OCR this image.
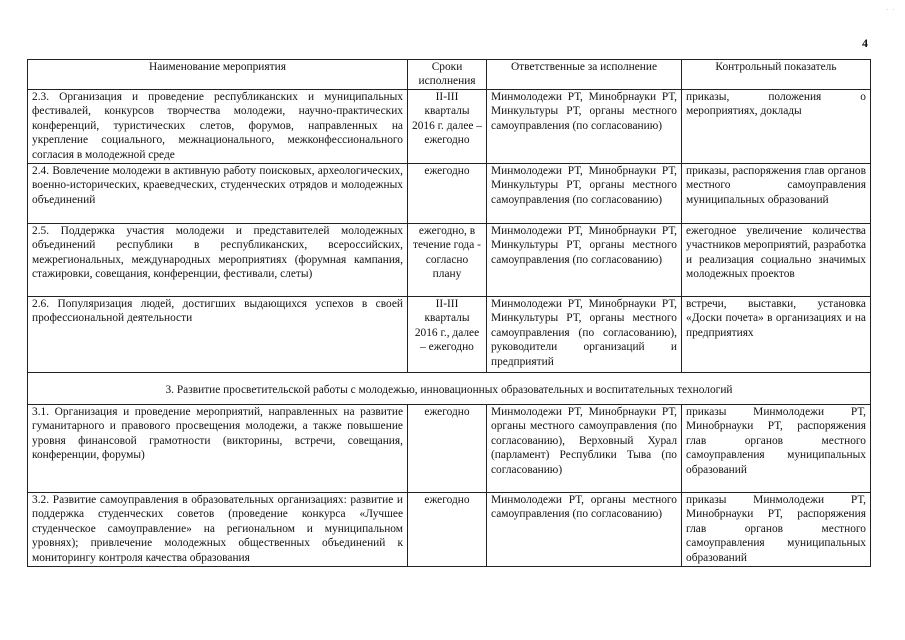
· ·
4
Наименование мероприятия	Сроки исполнения	Ответственные за исполнение	Контрольный показатель
2.3. Организация и проведение республиканских и муниципальных фестивалей, конкурсов творчества молодежи, научно-практических конференций, туристических слетов, форумов, направленных на укрепление социального, межнационального, межконфессионального согласия в молодежной среде	II-III кварталы 2016 г. далее – ежегодно	Минмолодежи РТ, Минобрнауки РТ, Минкультуры РТ, органы местного самоуправления (по согласованию)	приказы, положения о мероприятиях, доклады
2.4. Вовлечение молодежи в активную работу поисковых, археологических, военно-исторических, краеведческих, студенческих отрядов и молодежных объединений	ежегодно	Минмолодежи РТ, Минобрнауки РТ, Минкультуры РТ, органы местного самоуправления (по согласованию)	приказы, распоряжения глав органов местного самоуправления муниципальных образований
2.5. Поддержка участия молодежи и представителей молодежных объединений республики в республиканских, всероссийских, межрегиональных, международных мероприятиях (форумная кампания, стажировки, совещания, конференции, фестивали, слеты)	ежегодно, в течение года - согласно плану	Минмолодежи РТ, Минобрнауки РТ, Минкультуры РТ, органы местного самоуправления (по согласованию)	ежегодное увеличение количества участников мероприятий, разработка и реализация социально значимых молодежных проектов
2.6. Популяризация людей, достигших выдающихся успехов в своей профессиональной деятельности	II-III кварталы 2016 г., далее – ежегодно	Минмолодежи РТ, Минобрнауки РТ, Минкультуры РТ, органы местного самоуправления (по согласованию), руководители организаций и предприятий	встречи, выставки, установка «Доски почета» в организациях и на предприятиях
3. Развитие просветительской работы с молодежью, инновационных образовательных и воспитательных технологий			
3.1. Организация и проведение мероприятий, направленных на развитие гуманитарного и правового просвещения молодежи, а также повышение уровня финансовой грамотности (викторины, встречи, совещания, конференции, форумы)	ежегодно	Минмолодежи РТ, Минобрнауки РТ, органы местного самоуправления (по согласованию), Верховный Хурал (парламент) Республики Тыва (по согласованию)	приказы Минмолодежи РТ, Минобрнауки РТ, распоряжения глав органов местного самоуправления муниципальных образований
3.2. Развитие самоуправления в образовательных организациях: развитие и поддержка студенческих советов (проведение конкурса «Лучшее студенческое самоуправление» на региональном и муниципальном уровнях); привлечение молодежных общественных объединений к мониторингу контроля качества образования	ежегодно	Минмолодежи РТ, органы местного самоуправления (по согласованию)	приказы Минмолодежи РТ, Минобрнауки РТ, распоряжения глав органов местного самоуправления муниципальных образований
